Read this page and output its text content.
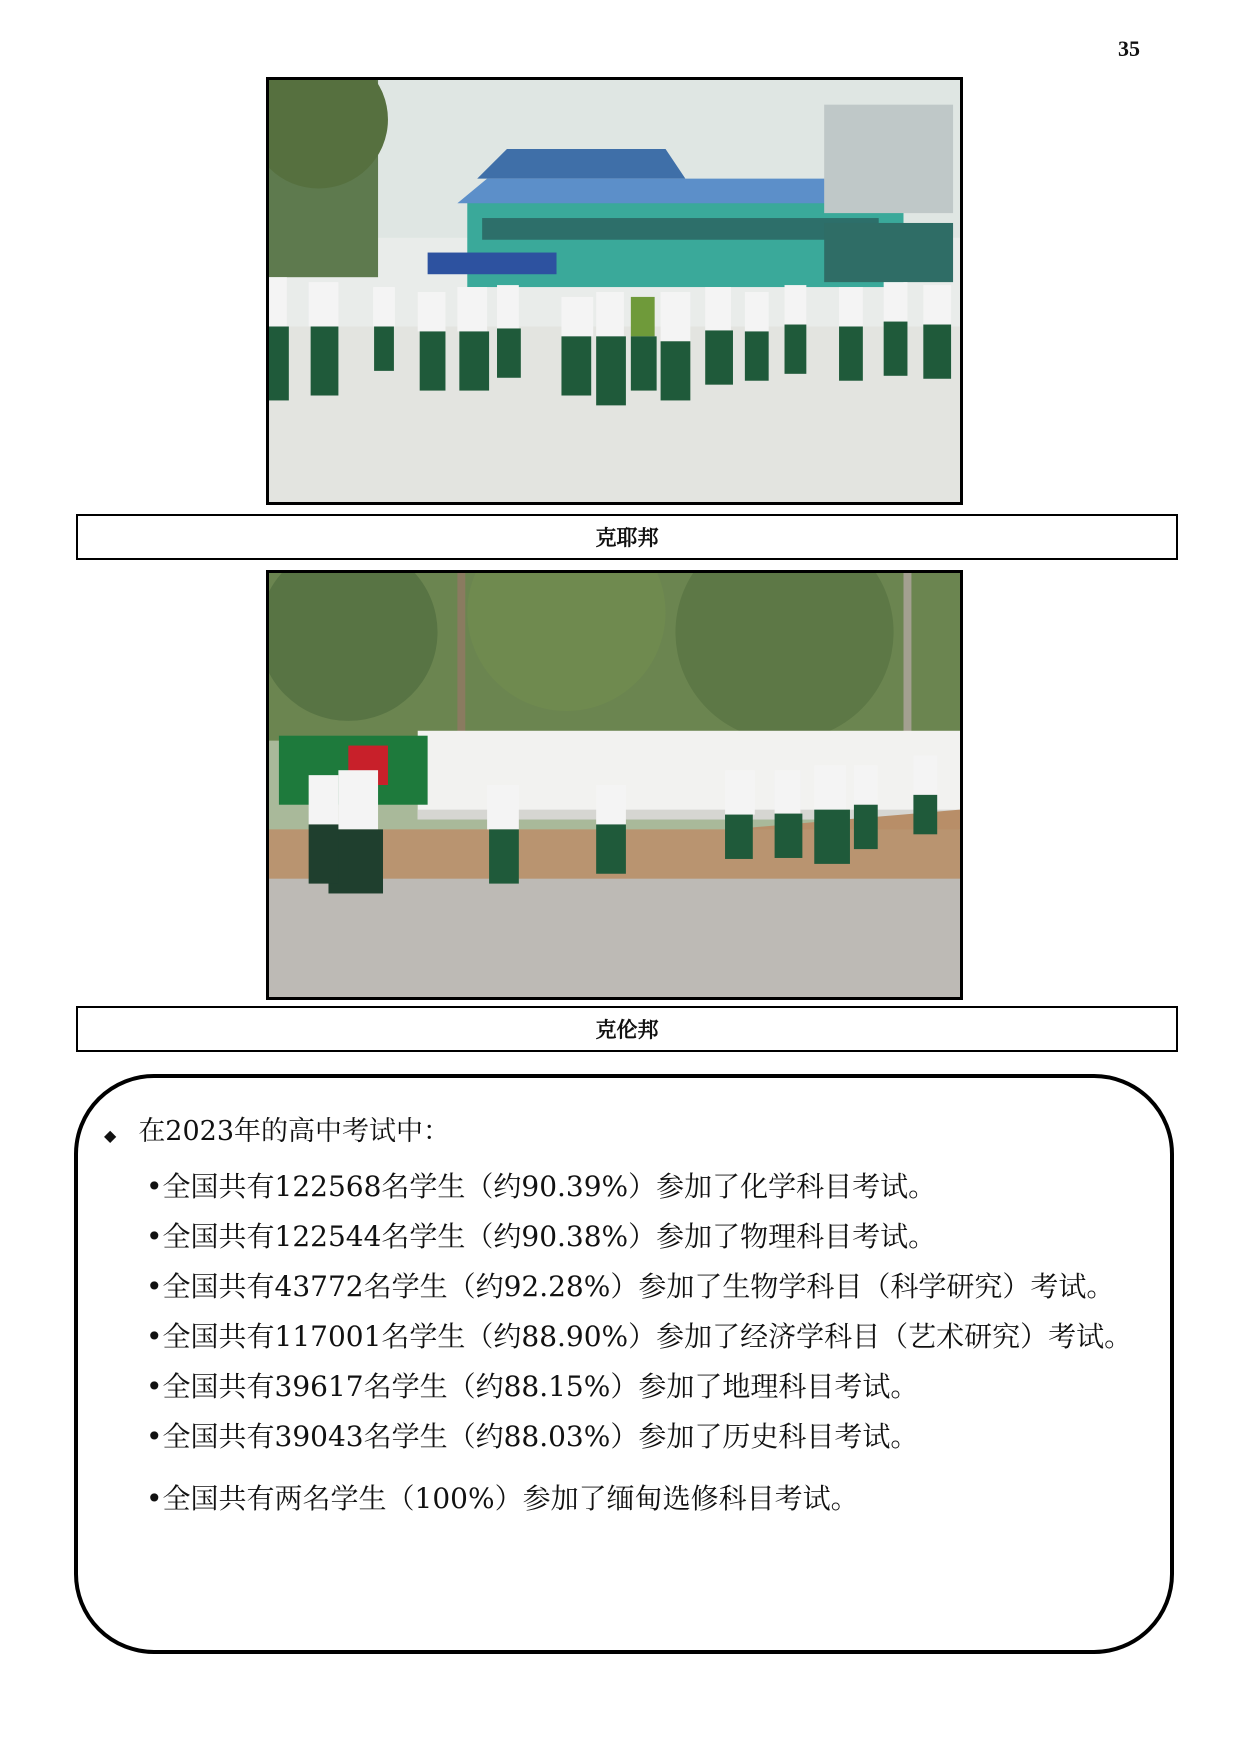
35
克耶邦
克伦邦
◆ 在2023年的高中考试中：

•全国共有122568名学生（约90.39%）参加了化学科目考试。

•全国共有122544名学生（约90.38%）参加了物理科目考试。

•全国共有43772名学生（约92.28%）参加了生物学科目（科学研究）考试。

•全国共有117001名学生（约88.90%）参加了经济学科目（艺术研究）考试。

•全国共有39617名学生（约88.15%）参加了地理科目考试。

•全国共有39043名学生（约88.03%）参加了历史科目考试。

•全国共有两名学生（100%）参加了缅甸选修科目考试。
